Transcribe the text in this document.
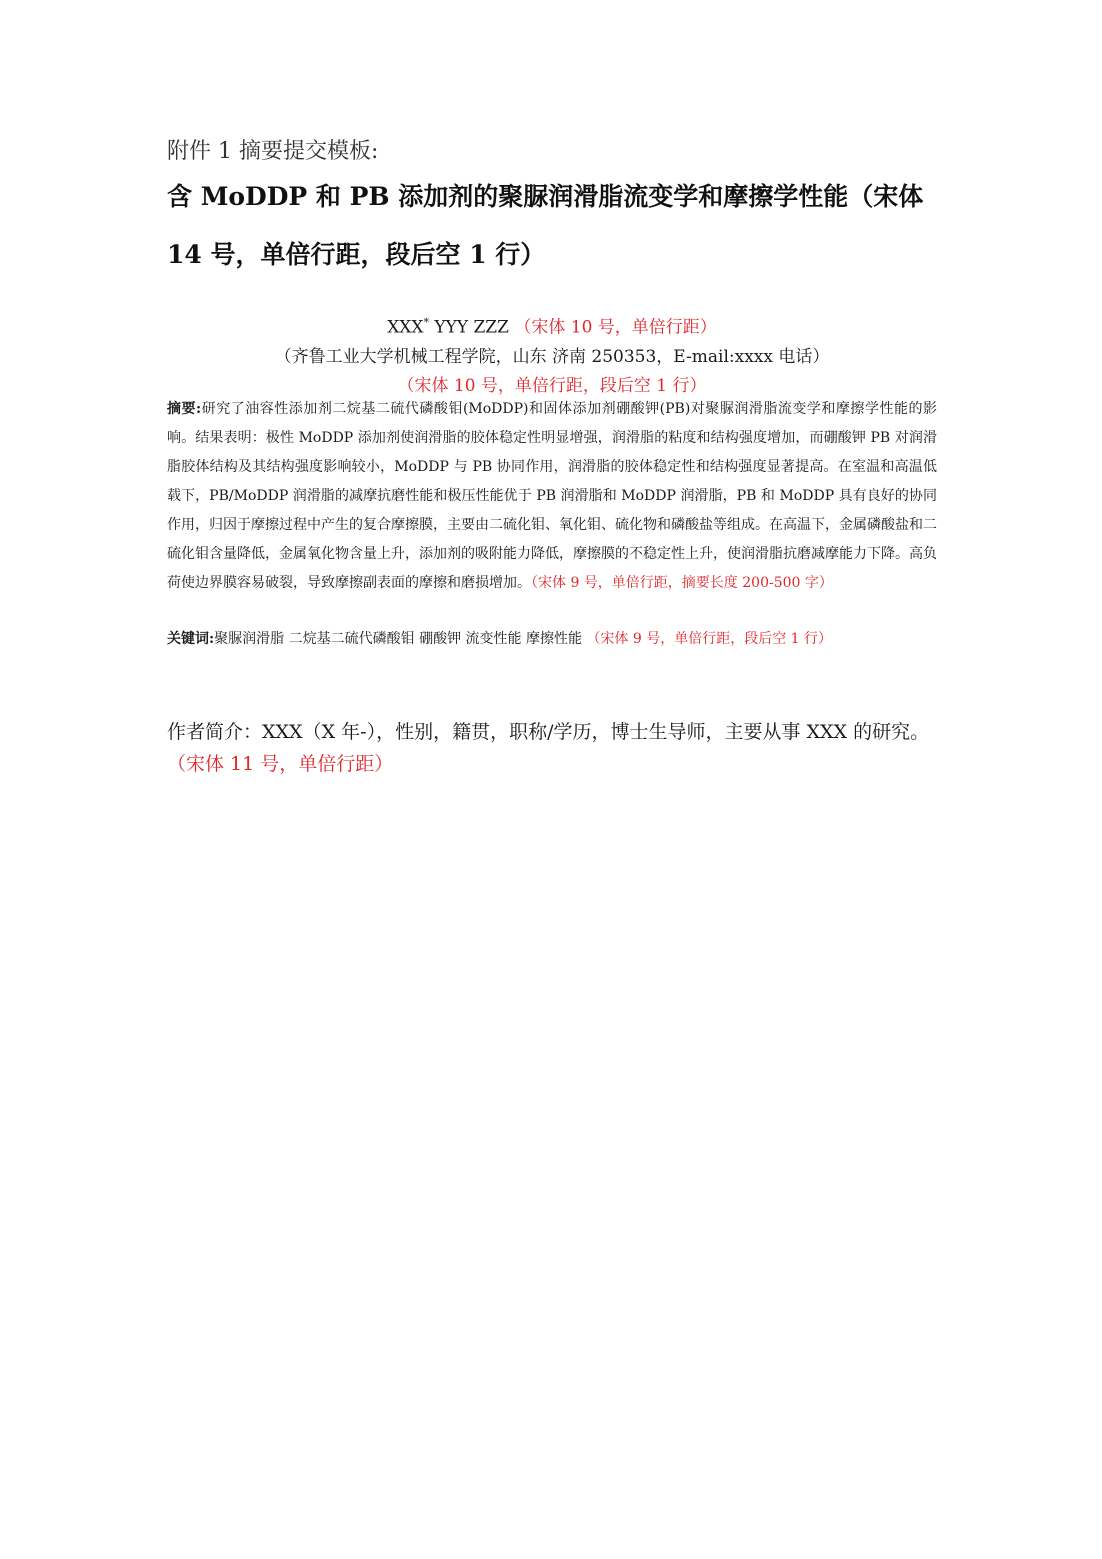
附件 1 摘要提交模板:
含 MoDDP 和 PB 添加剂的聚脲润滑脂流变学和摩擦学性能（宋体 14 号，单倍行距，段后空 1 行）
XXX* YYY ZZZ （宋体 10 号，单倍行距）
（齐鲁工业大学机械工程学院，山东 济南 250353，E-mail:xxxx 电话）
（宋体 10 号，单倍行距，段后空 1 行）
摘要:研究了油容性添加剂二烷基二硫代磷酸钼(MoDDP)和固体添加剂硼酸钾(PB)对聚脲润滑脂流变学和摩擦学性能的影响。结果表明：极性 MoDDP 添加剂使润滑脂的胶体稳定性明显增强，润滑脂的粘度和结构强度增加，而硼酸钾 PB 对润滑脂胶体结构及其结构强度影响较小，MoDDP 与 PB 协同作用，润滑脂的胶体稳定性和结构强度显著提高。在室温和高温低载下，PB/MoDDP 润滑脂的减摩抗磨性能和极压性能优于 PB 润滑脂和 MoDDP 润滑脂，PB 和 MoDDP 具有良好的协同作用，归因于摩擦过程中产生的复合摩擦膜，主要由二硫化钼、氧化钼、硫化物和磷酸盐等组成。在高温下，金属磷酸盐和二硫化钼含量降低，金属氧化物含量上升，添加剂的吸附能力降低，摩擦膜的不稳定性上升，使润滑脂抗磨减摩能力下降。高负荷使边界膜容易破裂，导致摩擦副表面的摩擦和磨损增加。（宋体 9 号，单倍行距，摘要长度 200-500 字）
关键词:聚脲润滑脂 二烷基二硫代磷酸钼 硼酸钾 流变性能 摩擦性能 （宋体 9 号，单倍行距，段后空 1 行）
作者简介：XXX（X 年-），性别，籍贯，职称/学历，博士生导师，主要从事 XXX 的研究。（宋体 11 号，单倍行距）
